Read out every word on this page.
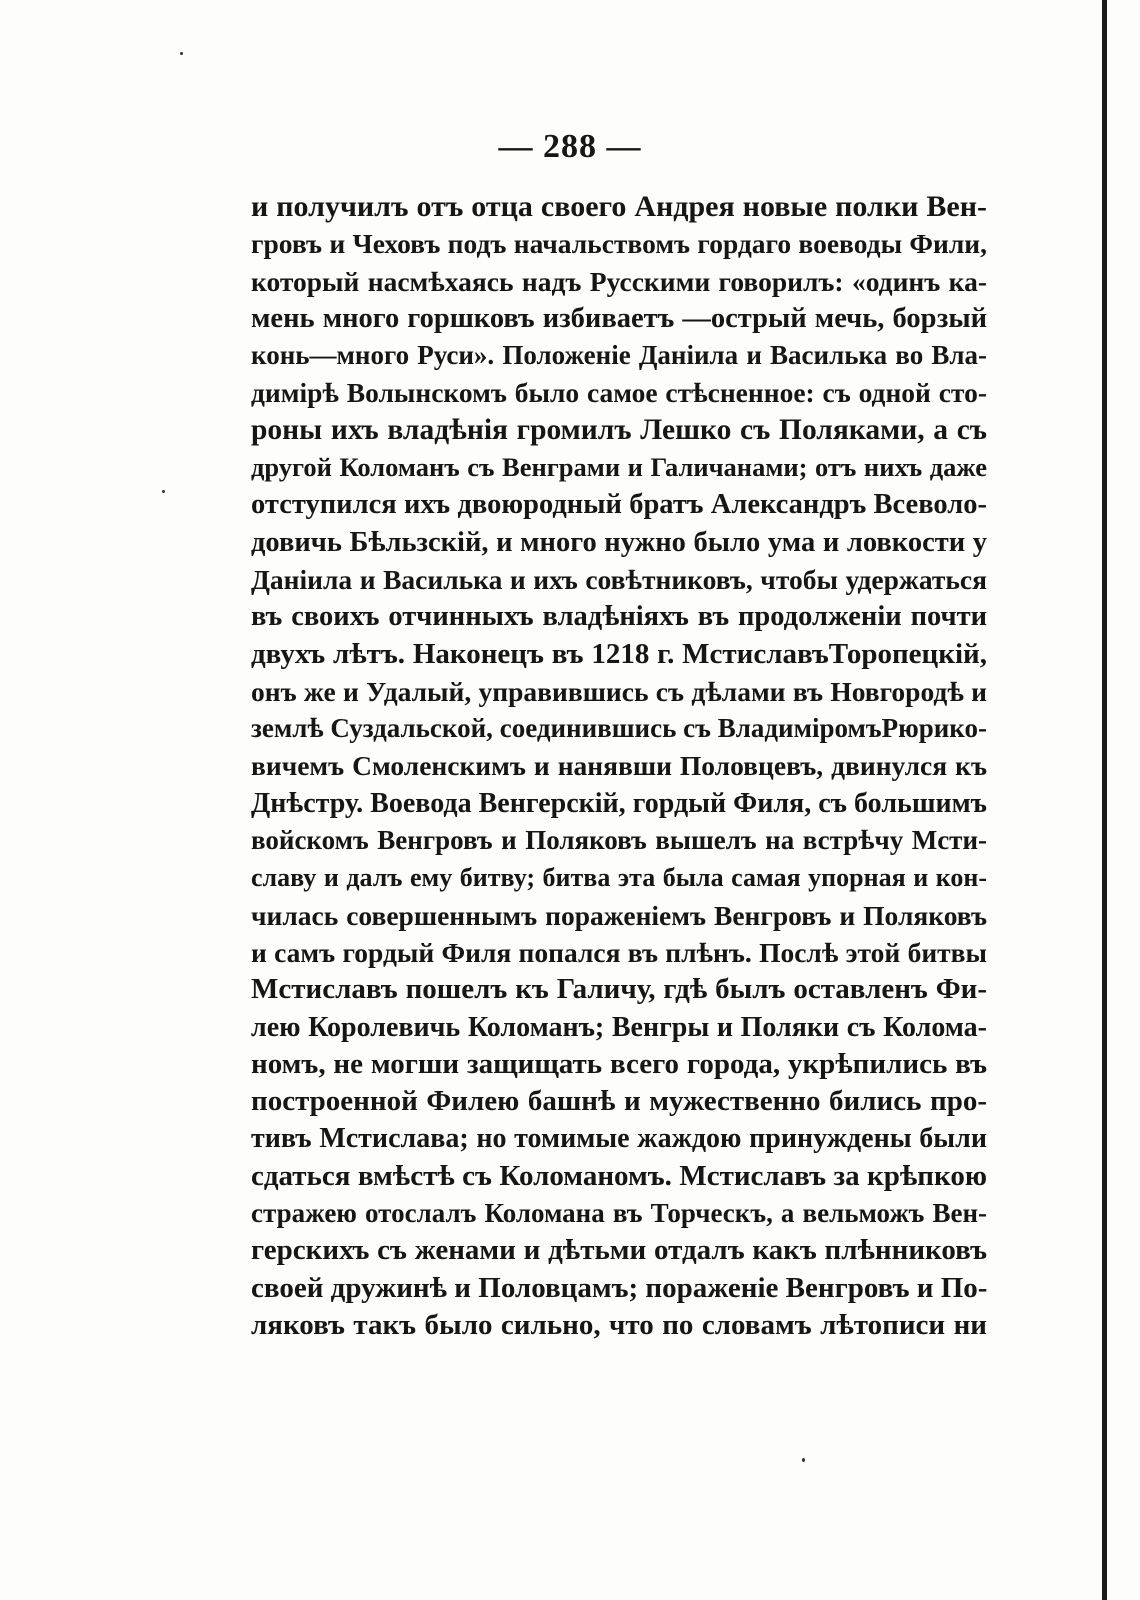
— 288 —
и получилъ отъ отца своего Андрея новые полки Вен-
гровъ и Чеховъ подъ начальствомъ гордаго воеводы Фили,
который насмѣхаясь надъ Русскими говорилъ: «одинъ ка-
мень много горшковъ избиваетъ —острый мечь, борзый
конь—много Руси». Положеніе Даніила и Василька во Вла-
димірѣ Волынскомъ было самое стѣсненное: съ одной сто-
роны ихъ владѣнія громилъ Лешко съ Поляками, а съ
другой Коломанъ съ Венграми и Галичанами; отъ нихъ даже
отступился ихъ двоюродный братъ Александръ Всеволо-
довичь Бѣльзскій, и много нужно было ума и ловкости у
Даніила и Василька и ихъ совѣтниковъ, чтобы удержаться
въ своихъ отчинныхъ владѣніяхъ въ продолженіи почти
двухъ лѣтъ. Наконецъ въ 1218 г. МстиславъТоропецкій,
онъ же и Удалый, управившись съ дѣлами въ Новгородѣ и
землѣ Суздальской, соединившись съ ВладиміромъРюрико-
вичемъ Смоленскимъ и нанявши Половцевъ, двинулся къ
Днѣстру. Воевода Венгерскій, гордый Филя, съ большимъ
войскомъ Венгровъ и Поляковъ вышелъ на встрѣчу Мсти-
славу и далъ ему битву; битва эта была самая упорная и кон-
чилась совершеннымъ пораженіемъ Венгровъ и Поляковъ
и самъ гордый Филя попался въ плѣнъ. Послѣ этой битвы
Мстиславъ пошелъ къ Галичу, гдѣ былъ оставленъ Фи-
лею Королевичь Коломанъ; Венгры и Поляки съ Колома-
номъ, не могши защищать всего города, укрѣпились въ
построенной Филею башнѣ и мужественно бились про-
тивъ Мстислава; но томимые жаждою принуждены были
сдаться вмѣстѣ съ Коломаномъ. Мстиславъ за крѣпкою
стражею отослалъ Коломана въ Торческъ, а вельможъ Вен-
герскихъ съ женами и дѣтьми отдалъ какъ плѣнниковъ
своей дружинѣ и Половцамъ; пораженіе Венгровъ и По-
ляковъ такъ было сильно, что по словамъ лѣтописи ни
